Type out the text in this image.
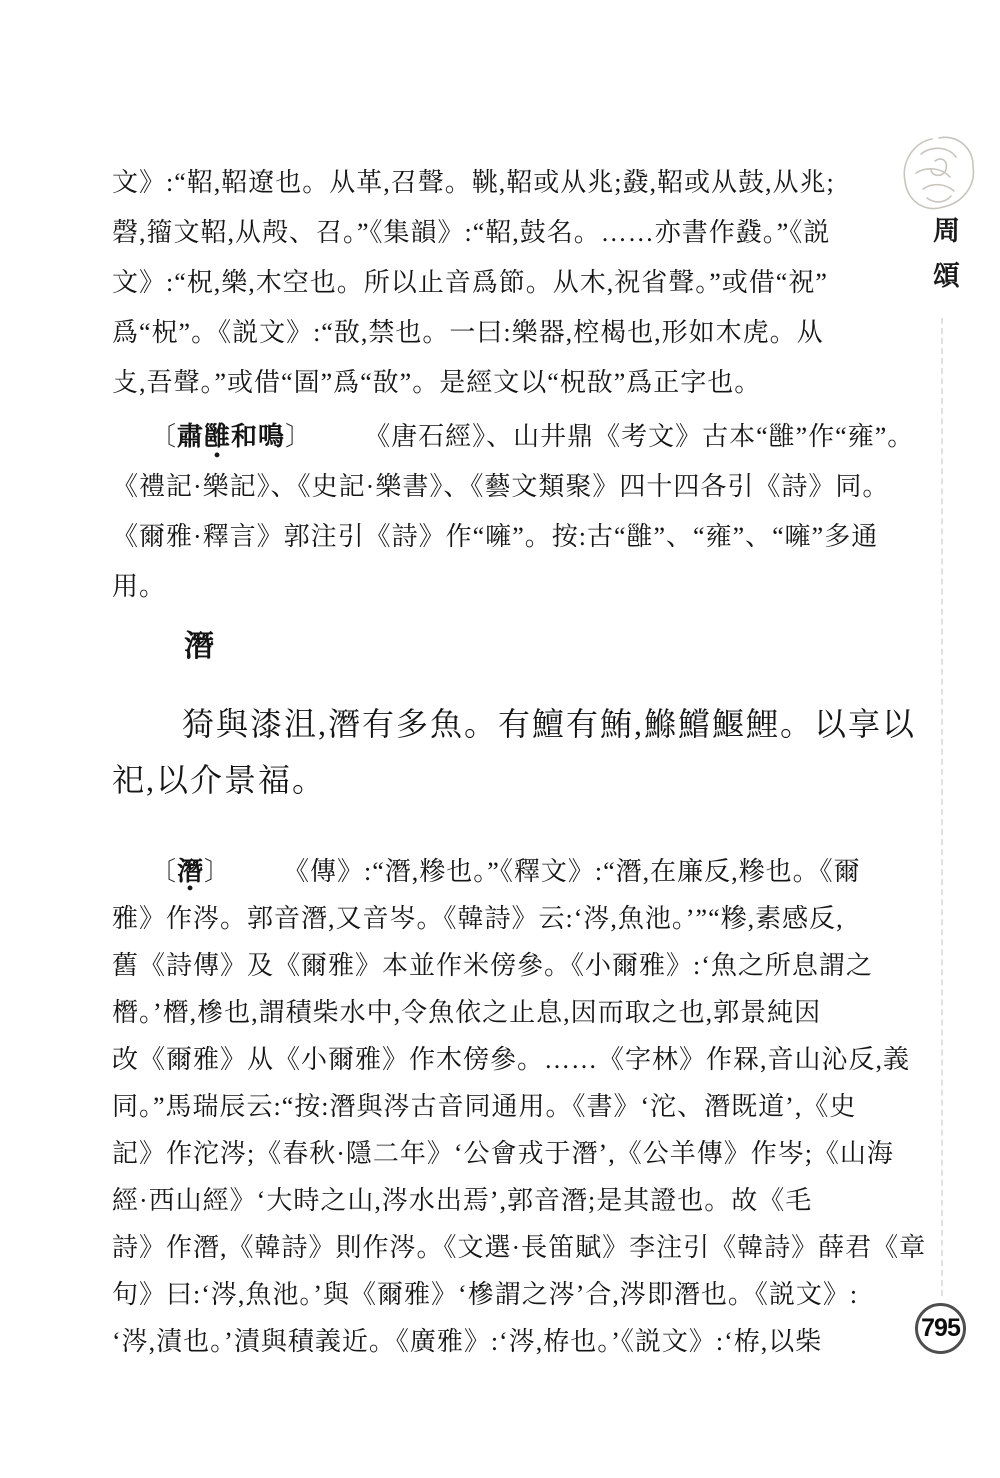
文》:“鞀,鞀遼也。从革,召聲。鞉,鞀或从兆;鼗,鞀或从鼓,从兆;
磬,籀文鞀,从殸、召。”《集韻》:“鞀,鼓名。……亦書作鼗。”《説
文》:“柷,樂,木空也。所以止音爲節。从木,祝省聲。”或借“祝”
爲“柷”。《説文》:“敔,禁也。一曰:樂器,椌楬也,形如木虎。从
攴,吾聲。”或借“圄”爲“敔”。是經文以“柷敔”爲正字也。
〔肅雝和鳴〕 《唐石經》、山井鼎《考文》古本“雝”作“雍”。
《禮記·樂記》、《史記·樂書》、《藝文類聚》四十四各引《詩》同。
《爾雅·釋言》郭注引《詩》作“噰”。按:古“雝”、“雍”、“噰”多通
用。
潛
猗與漆沮,潛有多魚。有鱣有鮪,鰷鱨鰋鯉。以享以
祀,以介景福。
〔潛〕 《傳》:“潛,糝也。”《釋文》:“潛,在廉反,糝也。《爾
雅》作涔。郭音潛,又音岑。《韓詩》云:‘涔,魚池。’”“糝,素感反,
舊《詩傳》及《爾雅》本並作米傍參。《小爾雅》:‘魚之所息謂之
橬。’橬,槮也,謂積柴水中,令魚依之止息,因而取之也,郭景純因
改《爾雅》从《小爾雅》作木傍參。……《字林》作罧,音山沁反,義
同。”馬瑞辰云:“按:潛與涔古音同通用。《書》‘沱、潛既道’,《史
記》作沱涔;《春秋·隱二年》‘公會戎于潛’,《公羊傳》作岑;《山海
經·西山經》‘大時之山,涔水出焉’,郭音潛;是其證也。故《毛
詩》作潛,《韓詩》則作涔。《文選·長笛賦》李注引《韓詩》薛君《章
句》曰:‘涔,魚池。’與《爾雅》‘槮謂之涔’合,涔即潛也。《説文》:
‘涔,漬也。’漬與積義近。《廣雅》:‘涔,栫也。’《説文》:‘栫,以柴
周頌
795
